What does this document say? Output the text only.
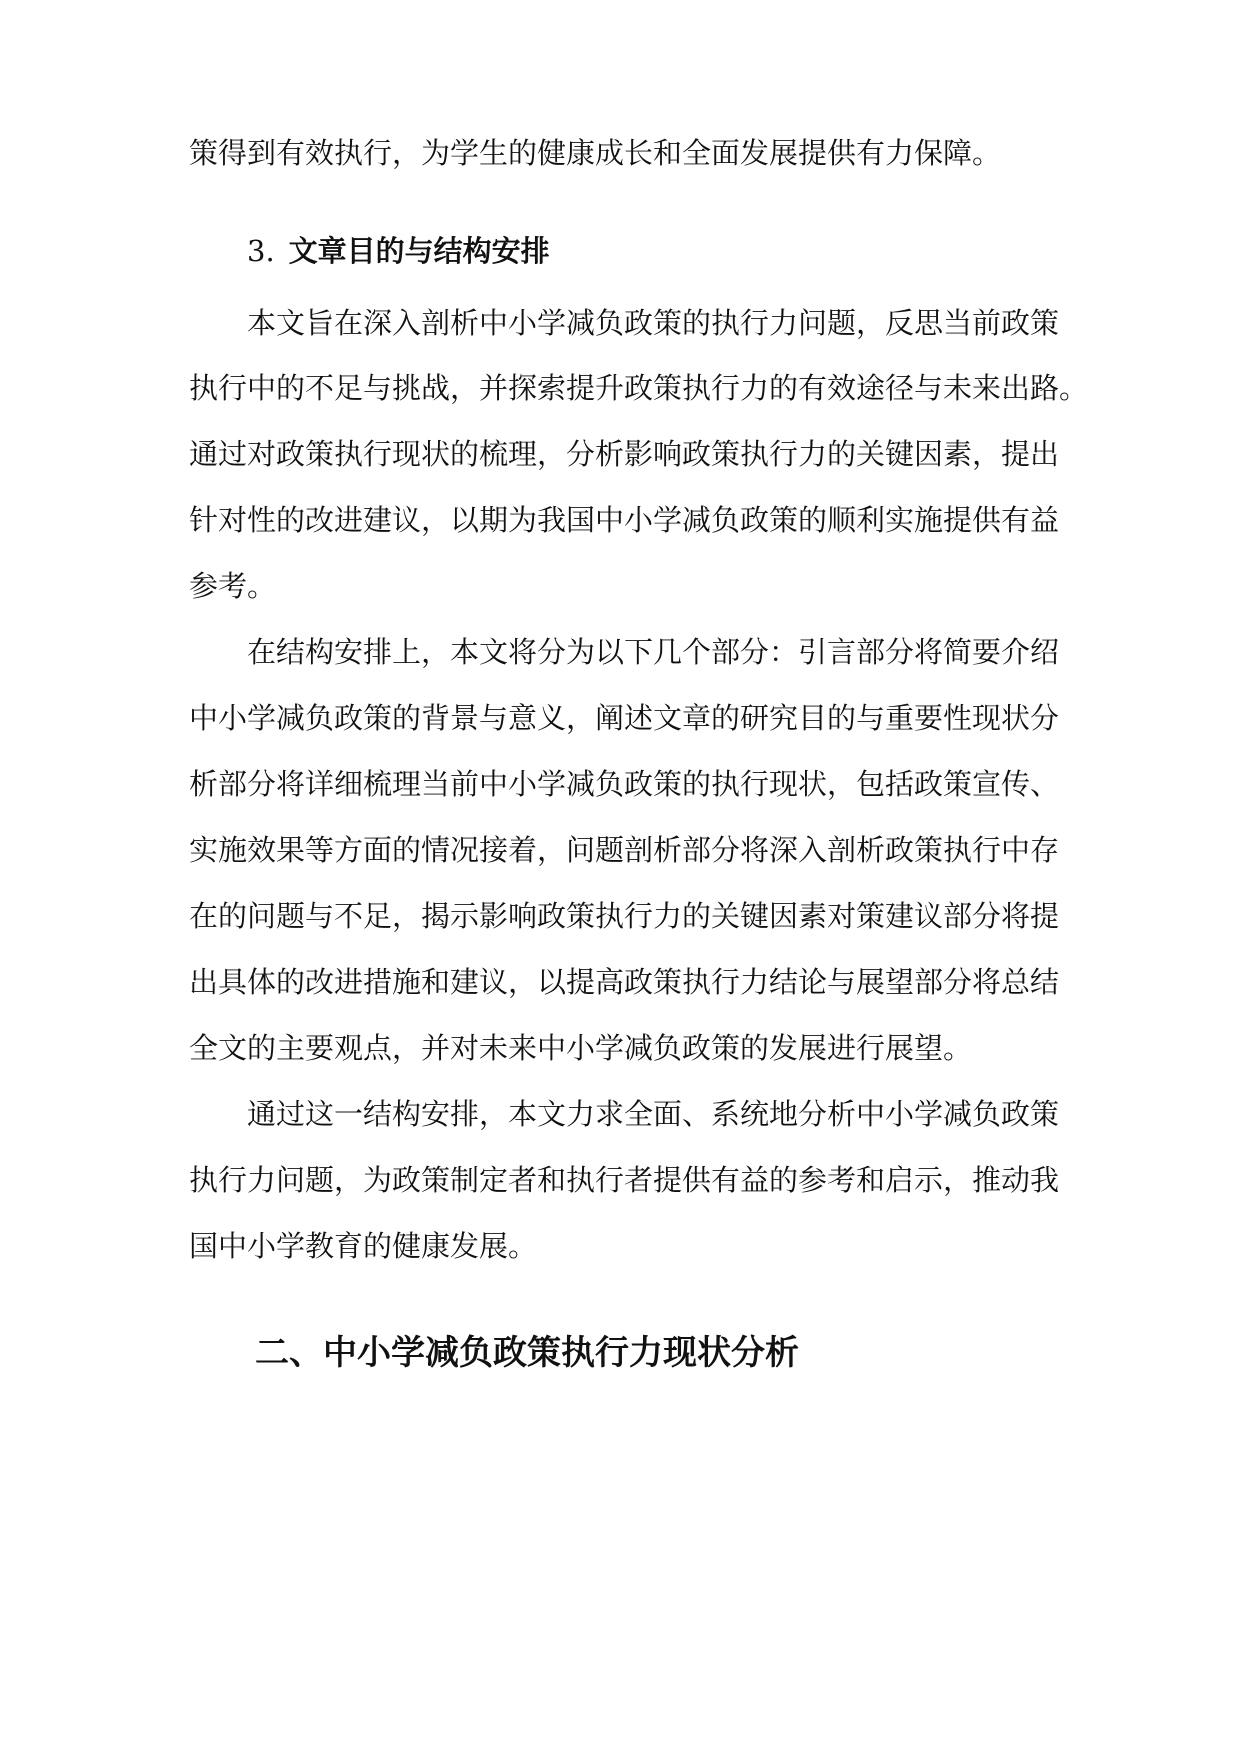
策得到有效执行，为学生的健康成长和全面发展提供有力保障。
3. 文章目的与结构安排
本文旨在深入剖析中小学减负政策的执行力问题，反思当前政策
执行中的不足与挑战，并探索提升政策执行力的有效途径与未来出路。
通过对政策执行现状的梳理，分析影响政策执行力的关键因素，提出
针对性的改进建议，以期为我国中小学减负政策的顺利实施提供有益
参考。
在结构安排上，本文将分为以下几个部分：引言部分将简要介绍
中小学减负政策的背景与意义，阐述文章的研究目的与重要性现状分
析部分将详细梳理当前中小学减负政策的执行现状，包括政策宣传、
实施效果等方面的情况接着，问题剖析部分将深入剖析政策执行中存
在的问题与不足，揭示影响政策执行力的关键因素对策建议部分将提
出具体的改进措施和建议，以提高政策执行力结论与展望部分将总结
全文的主要观点，并对未来中小学减负政策的发展进行展望。
通过这一结构安排，本文力求全面、系统地分析中小学减负政策
执行力问题，为政策制定者和执行者提供有益的参考和启示，推动我
国中小学教育的健康发展。
二、中小学减负政策执行力现状分析
